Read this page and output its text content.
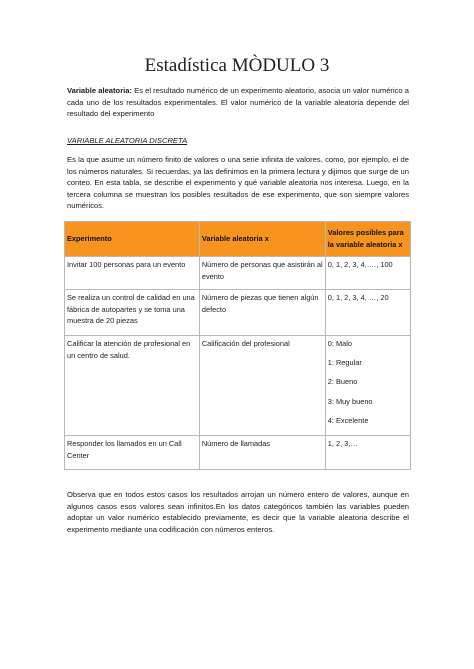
Estadística MÒDULO 3

Variable aleatoria: Es el resultado numérico de un experimento aleatorio, asocia un valor numérico a cada uno de los resultados experimentales. El valor numérico de la variable aleatoria depende del resultado del experimento

VARIABLE ALEATORIA DISCRETA

Es la que asume un número finito de valores o una serie infinita de valores, como, por ejemplo, el de los números naturales. Si recuerdas, ya las definimos en la primera lectura y dijimos que surge de un conteo. En esta tabla, se describe el experimento y qué variable aleatoria nos interesa. Luego, en la tercera columna se muestran los posibles resultados de ese experimento, que son siempre valores numéricos.

Experimento	Variable aleatoria x	Valores posibles para la variable aleatoria x
Invitar 100 personas para un evento	Número de personas que asistirán al evento	0, 1, 2, 3, 4,…., 100
Se realiza un control de calidad en una fábrica de autopartes y se toma una muestra de 20 piezas	Número de piezas que tienen algún defecto	0, 1, 2, 3, 4, …, 20
Calificar la atención de profesional en un centro de salud.	Calificación del profesional	0: Malo
1: Regular
2: Bueno
3: Muy bueno
4: Excelente

Responder los llamados en un Call Center	Número de llamadas	1, 2, 3,…

Observa que en todos estos casos los resultados arrojan un número entero de valores, aunque en algunos casos esos valores sean infinitos.En los datos categóricos también las variables pueden adoptar un valor numérico establecido previamente, es decir que la variable aleatoria describe el experimento mediante una codificación con números enteros.
